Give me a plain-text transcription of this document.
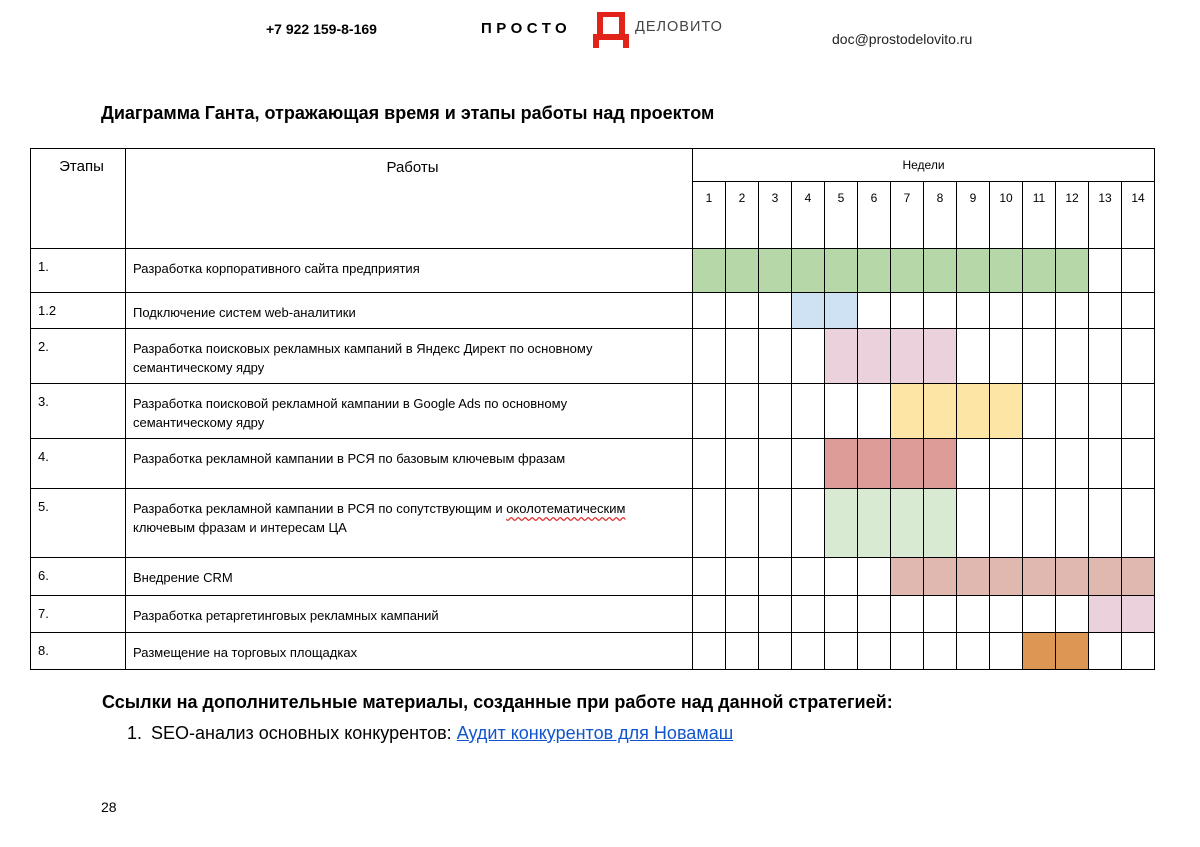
+7 922 159-8-169	ПРОСТО	ДЕЛОВИТО
doc@prostodelovito.ru
Диаграмма Ганта, отражающая время и этапы работы над проектом
Этапы	Работы	Недели													
		1	2	3	4	5	6	7	8	9	10	11	12	13	14
1.	Разработка корпоративного сайта предприятия														

1.2	Подключение систем web-аналитики														

2.	Разработка поисковых рекламных кампаний в Яндекс Директ по основному
семантическому ядру														

3.	Разработка поисковой рекламной кампании в Google Ads по основному
семантическому ядру														

4.	Разработка рекламной кампании в РСЯ по базовым ключевым фразам														

5.	Разработка рекламной кампании в РСЯ по сопутствующим и околотематическим
ключевым фразам и интересам ЦА														

6.	Внедрение CRM														

7.	Разработка ретаргетинговых рекламных кампаний														

8.	Размещение на торговых площадках														

Ссылки на дополнительные материалы, созданные при работе над данной стратегией:
1. SEO-анализ основных конкурентов: Аудит конкурентов для Новамаш
28
